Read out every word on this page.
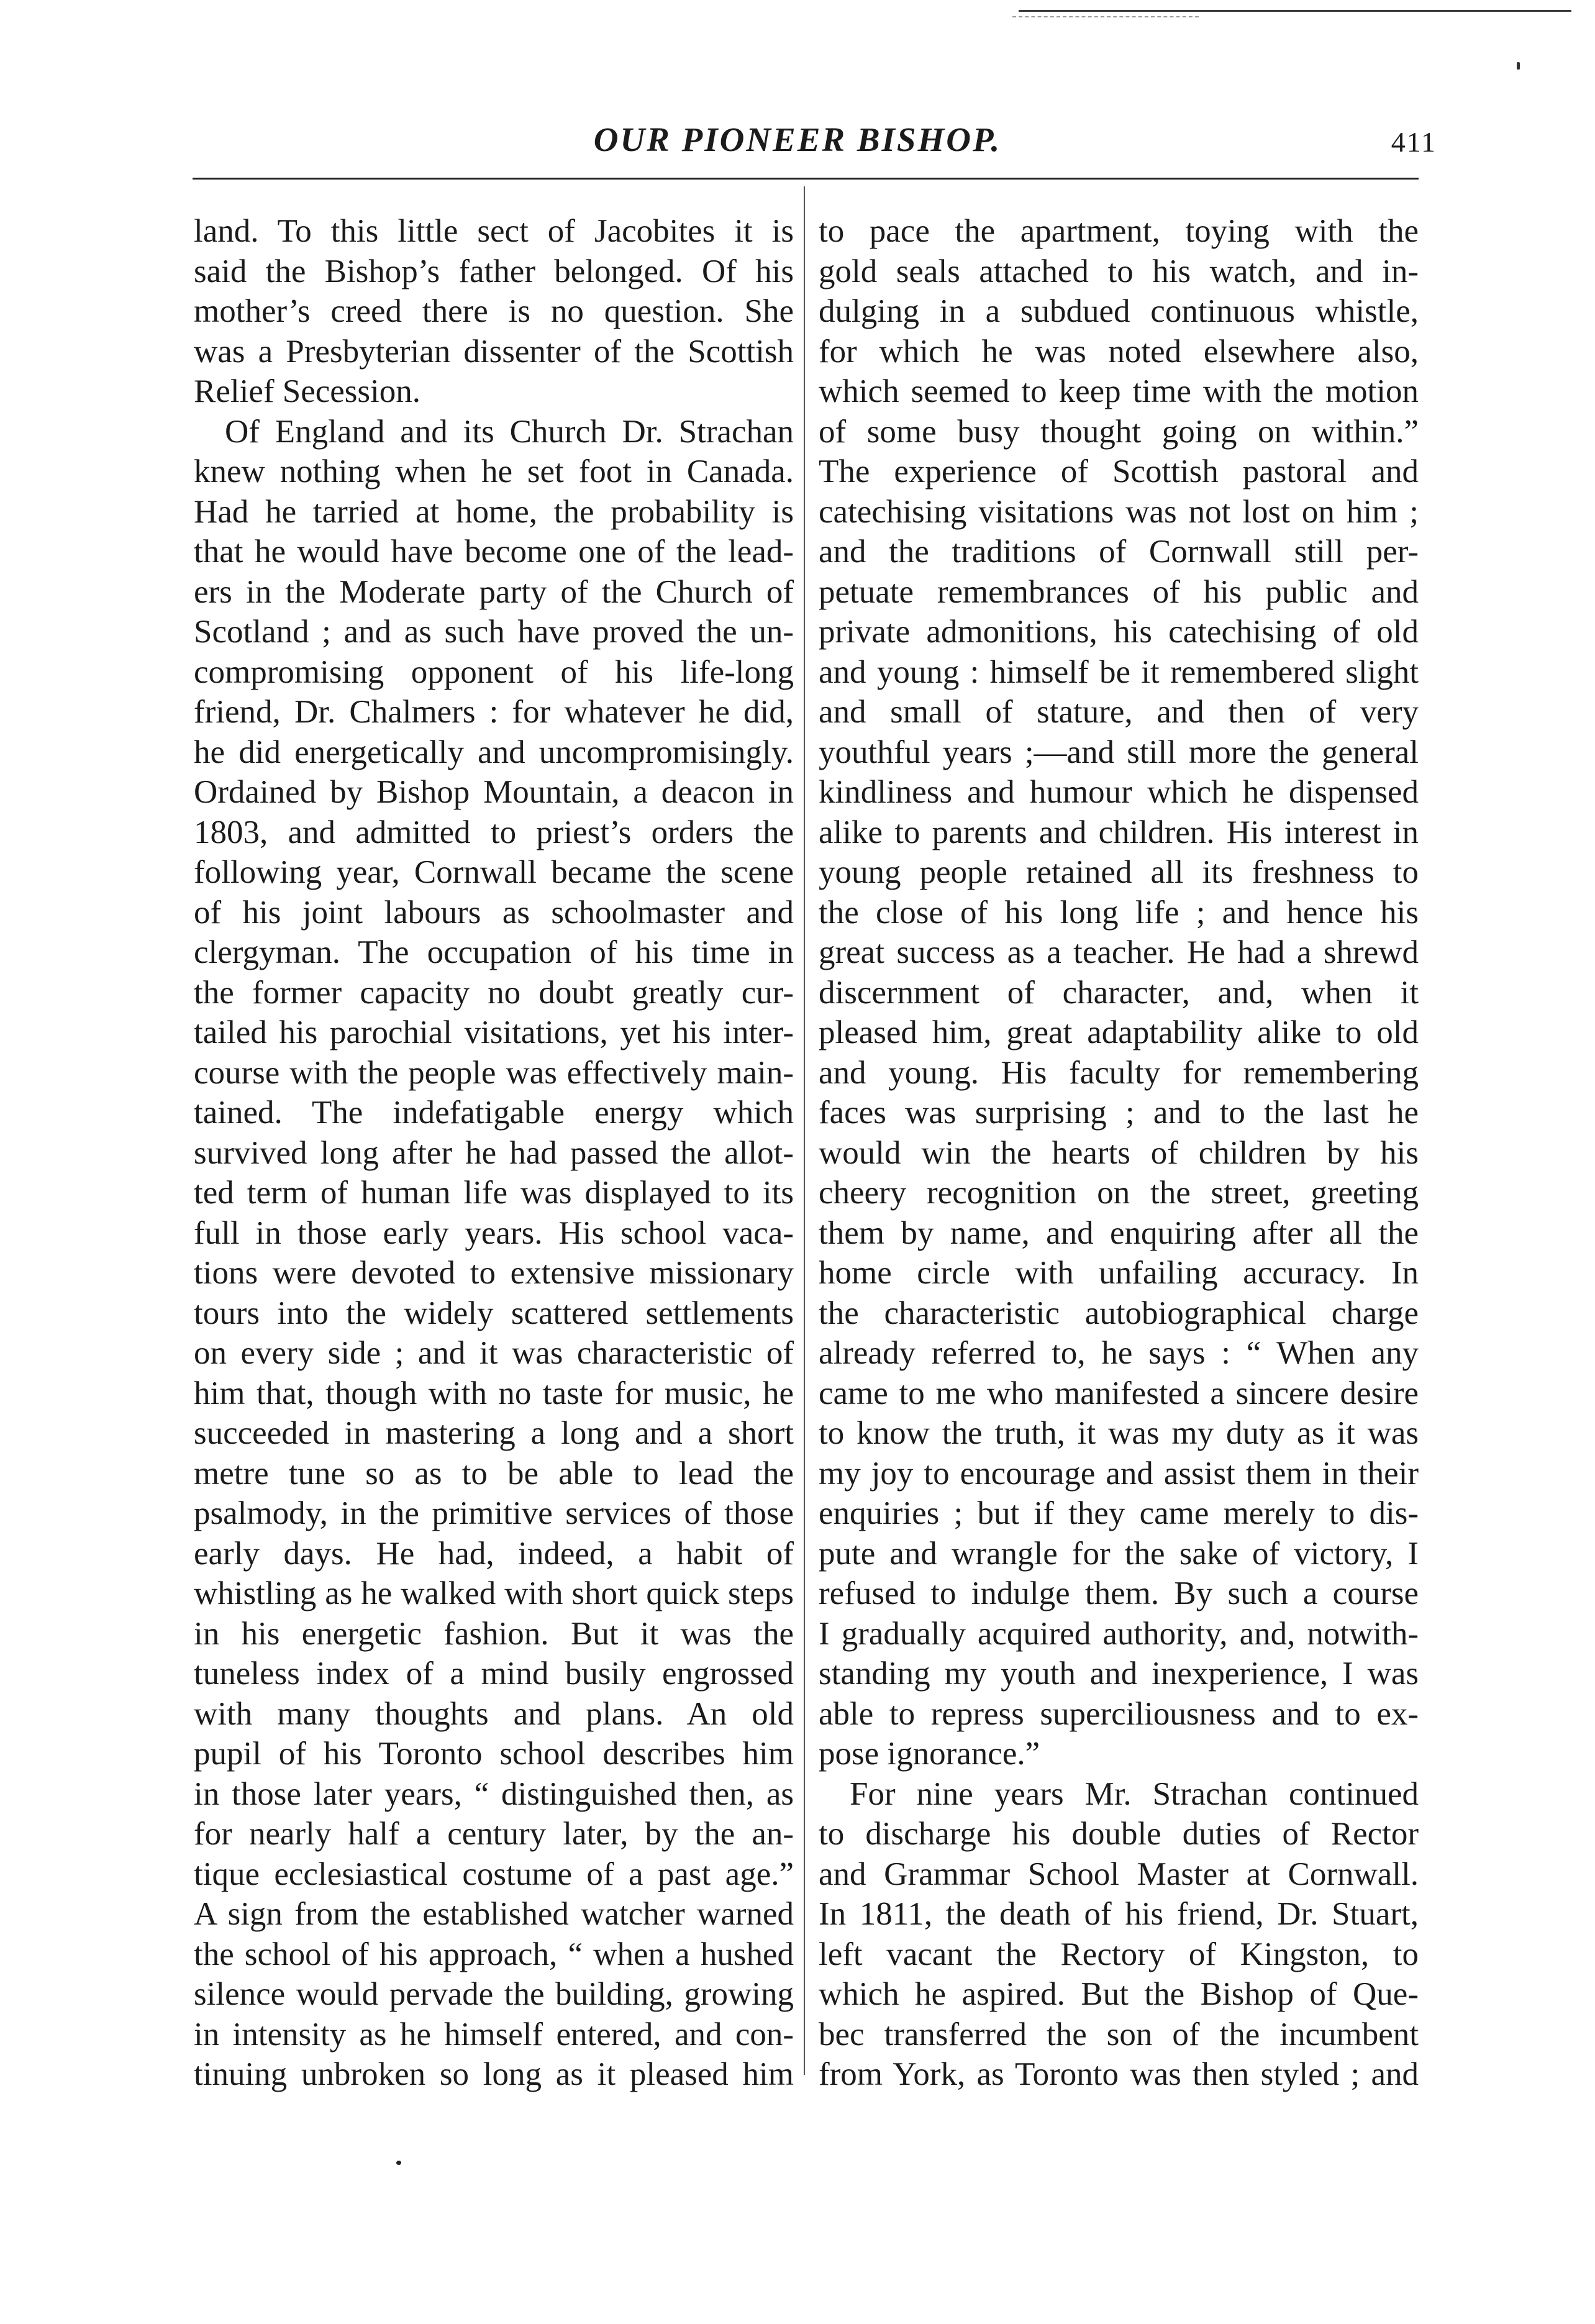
OUR PIONEER BISHOP.	411
land. To this little sect of Jacobites it is
said the Bishop’s father belonged. Of his
mother’s creed there is no question. She
was a Presbyterian dissenter of the Scottish
Relief Secession.
Of England and its Church Dr. Strachan
knew nothing when he set foot in Canada.
Had he tarried at home, the probability is
that he would have become one of the lead-
ers in the Moderate party of the Church of
Scotland ; and as such have proved the un-
compromising opponent of his life-long
friend, Dr. Chalmers : for whatever he did,
he did energetically and uncompromisingly.
Ordained by Bishop Mountain, a deacon in
1803, and admitted to priest’s orders the
following year, Cornwall became the scene
of his joint labours as schoolmaster and
clergyman. The occupation of his time in
the former capacity no doubt greatly cur-
tailed his parochial visitations, yet his inter-
course with the people was effectively main-
tained. The indefatigable energy which
survived long after he had passed the allot-
ted term of human life was displayed to its
full in those early years. His school vaca-
tions were devoted to extensive missionary
tours into the widely scattered settlements
on every side ; and it was characteristic of
him that, though with no taste for music, he
succeeded in mastering a long and a short
metre tune so as to be able to lead the
psalmody, in the primitive services of those
early days. He had, indeed, a habit of
whistling as he walked with short quick steps
in his energetic fashion. But it was the
tuneless index of a mind busily engrossed
with many thoughts and plans. An old
pupil of his Toronto school describes him
in those later years, “ distinguished then, as
for nearly half a century later, by the an-
tique ecclesiastical costume of a past age.”
A sign from the established watcher warned
the school of his approach, “ when a hushed
silence would pervade the building, growing
in intensity as he himself entered, and con-
tinuing unbroken so long as it pleased him
to pace the apartment, toying with the
gold seals attached to his watch, and in-
dulging in a subdued continuous whistle,
for which he was noted elsewhere also,
which seemed to keep time with the motion
of some busy thought going on within.”
The experience of Scottish pastoral and
catechising visitations was not lost on him ;
and the traditions of Cornwall still per-
petuate remembrances of his public and
private admonitions, his catechising of old
and young : himself be it remembered slight
and small of stature, and then of very
youthful years ;—and still more the general
kindliness and humour which he dispensed
alike to parents and children. His interest in
young people retained all its freshness to
the close of his long life ; and hence his
great success as a teacher. He had a shrewd
discernment of character, and, when it
pleased him, great adaptability alike to old
and young. His faculty for remembering
faces was surprising ; and to the last he
would win the hearts of children by his
cheery recognition on the street, greeting
them by name, and enquiring after all the
home circle with unfailing accuracy. In
the characteristic autobiographical charge
already referred to, he says : “ When any
came to me who manifested a sincere desire
to know the truth, it was my duty as it was
my joy to encourage and assist them in their
enquiries ; but if they came merely to dis-
pute and wrangle for the sake of victory, I
refused to indulge them. By such a course
I gradually acquired authority, and, notwith-
standing my youth and inexperience, I was
able to repress superciliousness and to ex-
pose ignorance.”
For nine years Mr. Strachan continued
to discharge his double duties of Rector
and Grammar School Master at Cornwall.
In 1811, the death of his friend, Dr. Stuart,
left vacant the Rectory of Kingston, to
which he aspired. But the Bishop of Que-
bec transferred the son of the incumbent
from York, as Toronto was then styled ; and
